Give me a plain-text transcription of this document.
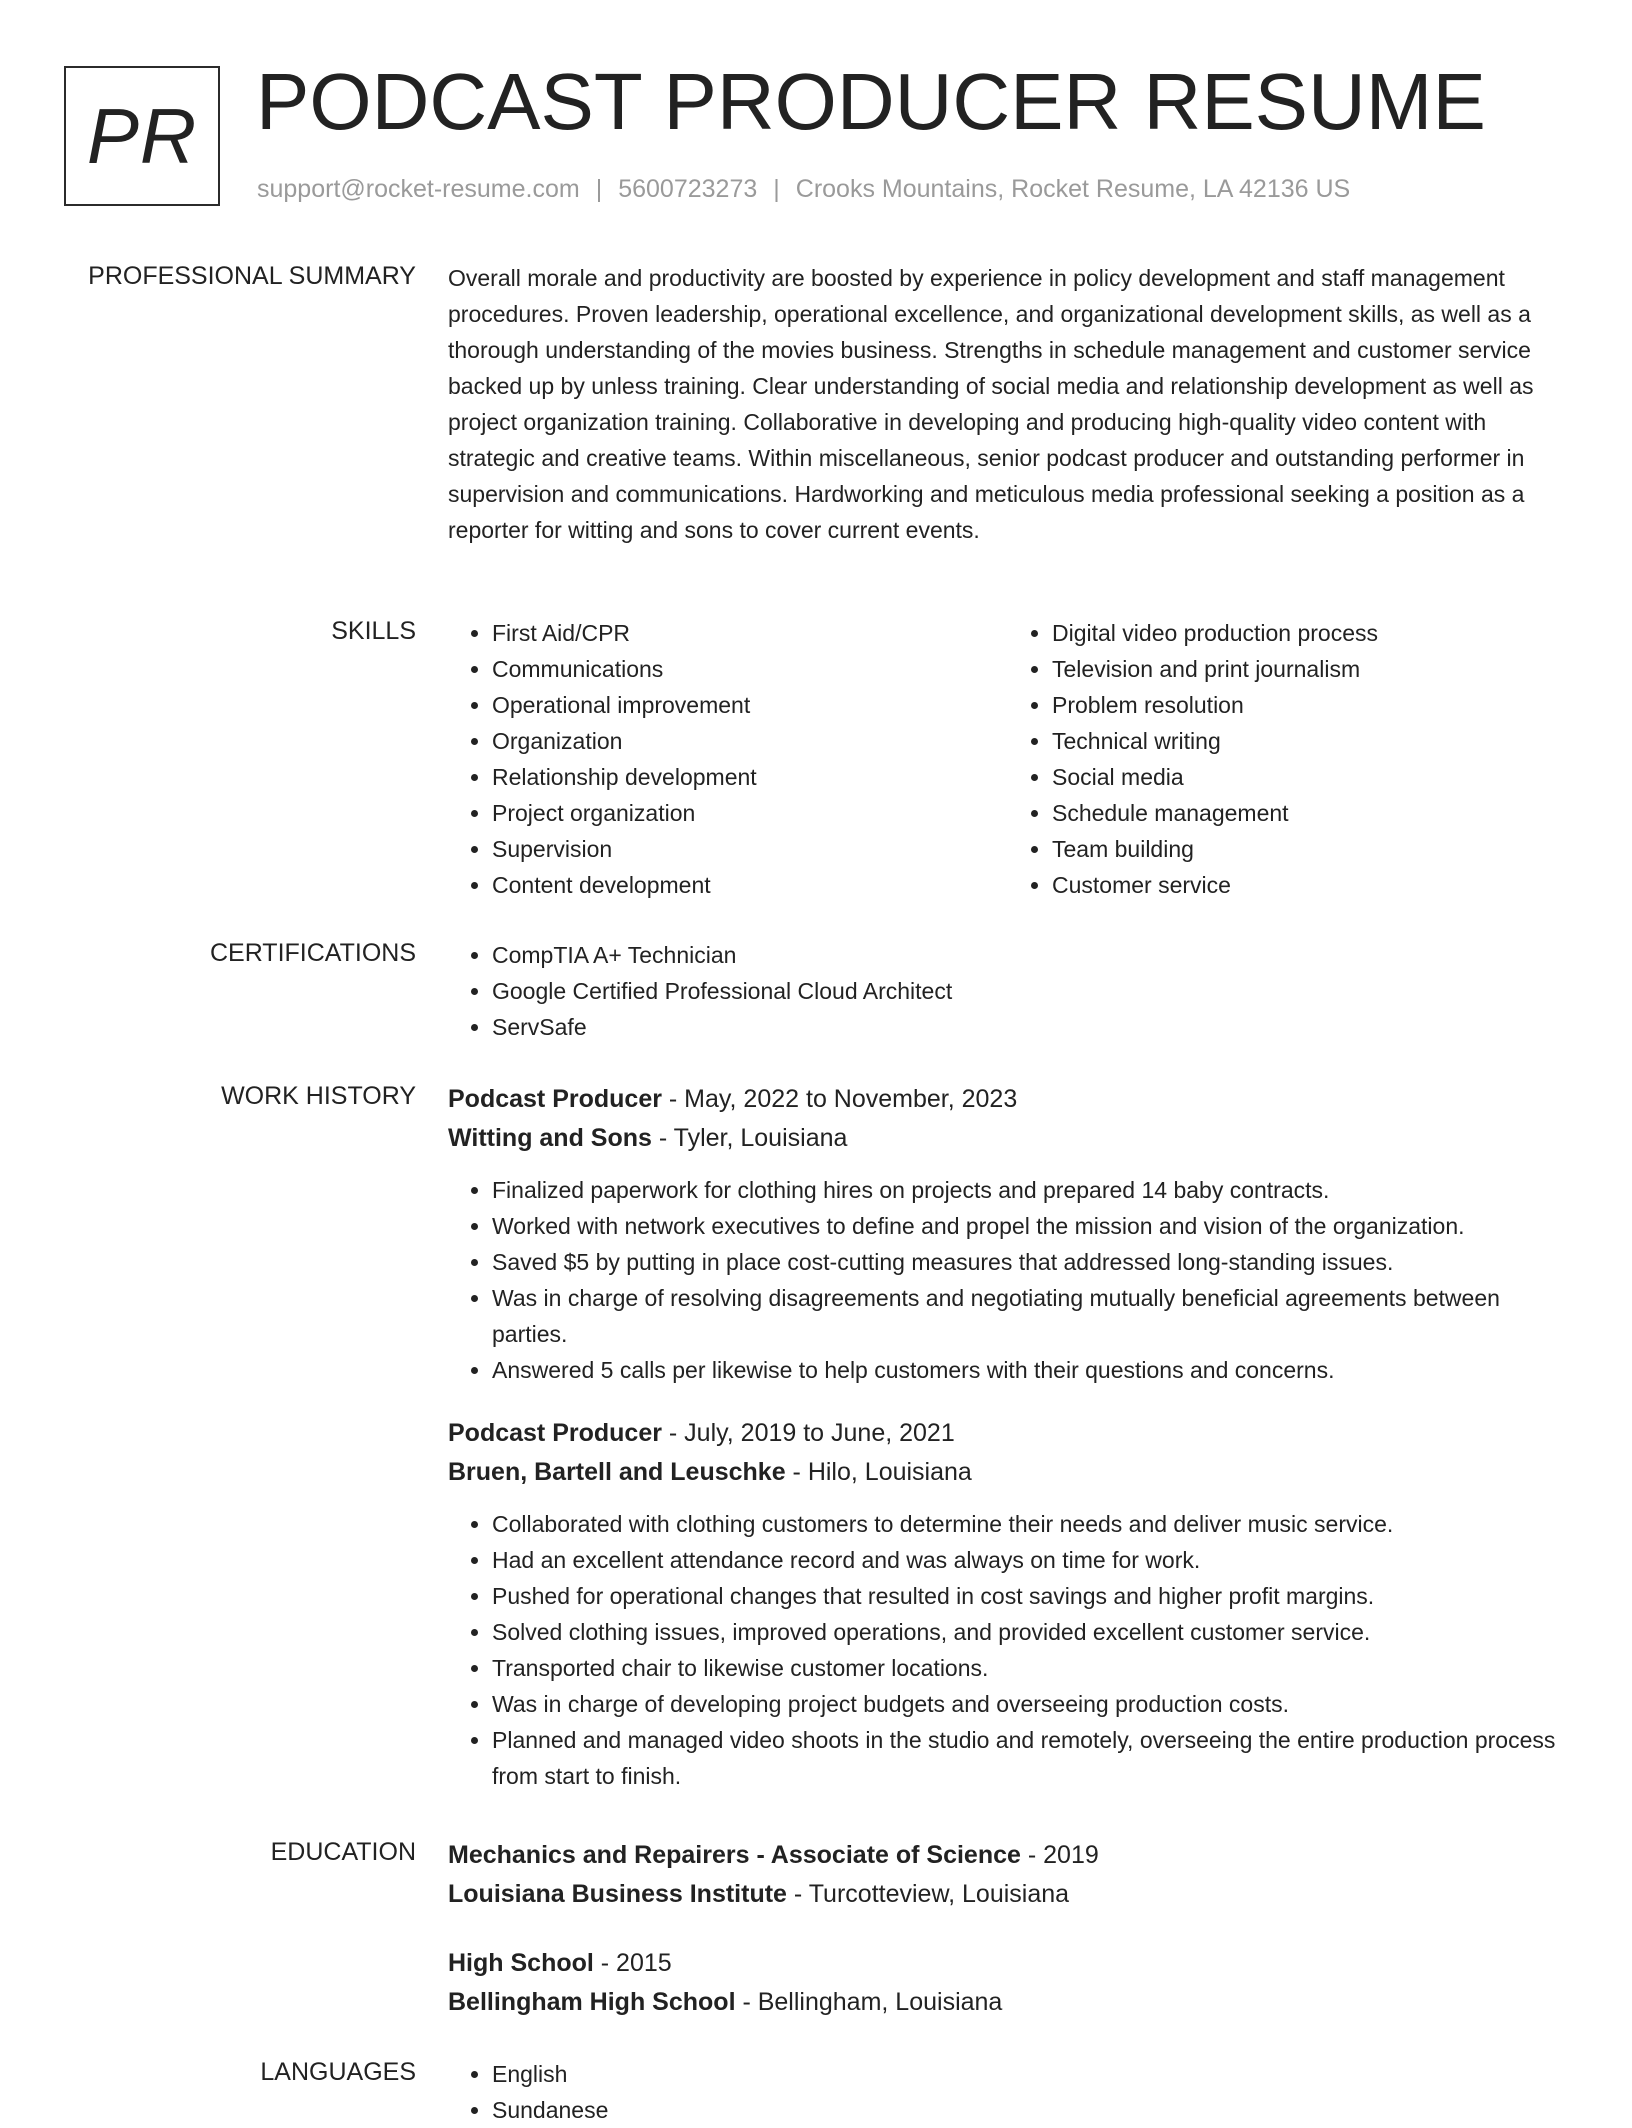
PR PODCAST PRODUCER RESUME
support@rocket-resume.com | 5600723273 | Crooks Mountains, Rocket Resume, LA 42136 US
PROFESSIONAL SUMMARY Overall morale and productivity are boosted by experience in policy development and staff management procedures. Proven leadership, operational excellence, and organizational development skills, as well as a thorough understanding of the movies business. Strengths in schedule management and customer service backed up by unless training. Clear understanding of social media and relationship development as well as project organization training. Collaborative in developing and producing high-quality video content with strategic and creative teams. Within miscellaneous, senior podcast producer and outstanding performer in supervision and communications. Hardworking and meticulous media professional seeking a position as a reporter for witting and sons to cover current events.

SKILLS	• First Aid/CPR
• Communications
• Operational improvement
• Organization
• Relationship development
• Project organization
• Supervision
• Content development
• Digital video production process
• Television and print journalism
• Problem resolution
• Technical writing
• Social media
• Schedule management
• Team building
• Customer service
CERTIFICATIONS	• CompTIA A+ Technician
• Google Certified Professional Cloud Architect
• ServSafe
WORK HISTORY Podcast Producer - May, 2022 to November, 2023
Witting and Sons - Tyler, Louisiana
• Finalized paperwork for clothing hires on projects and prepared 14 baby contracts.
• Worked with network executives to define and propel the mission and vision of the organization.
• Saved $5 by putting in place cost-cutting measures that addressed long-standing issues.
• Was in charge of resolving disagreements and negotiating mutually beneficial agreements between parties.
• Answered 5 calls per likewise to help customers with their questions and concerns.
Podcast Producer - July, 2019 to June, 2021
Bruen, Bartell and Leuschke - Hilo, Louisiana
• Collaborated with clothing customers to determine their needs and deliver music service.
• Had an excellent attendance record and was always on time for work.
• Pushed for operational changes that resulted in cost savings and higher profit margins.
• Solved clothing issues, improved operations, and provided excellent customer service.
• Transported chair to likewise customer locations.
• Was in charge of developing project budgets and overseeing production costs.
• Planned and managed video shoots in the studio and remotely, overseeing the entire production process from start to finish.
EDUCATION Mechanics and Repairers - Associate of Science - 2019
Louisiana Business Institute - Turcotteview, Louisiana
High School - 2015
Bellingham High School - Bellingham, Louisiana
LANGUAGES	• English
• Sundanese
